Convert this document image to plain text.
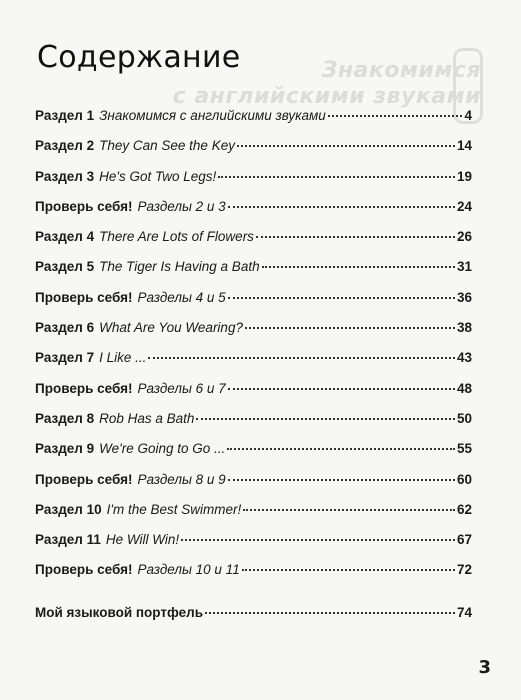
Знакомимся
с английскими звуками
Содержание
Раздел 1 Знакомимся с английскими звуками	4
Раздел 2 They Can See the Key	14
Раздел 3 He's Got Two Legs!	19
Проверь себя! Разделы 2 и 3	24
Раздел 4 There Are Lots of Flowers	26
Раздел 5 The Tiger Is Having a Bath	31
Проверь себя! Разделы 4 и 5	36
Раздел 6 What Are You Wearing?	38
Раздел 7 I Like ...	43
Проверь себя! Разделы 6 и 7	48
Раздел 8 Rob Has a Bath	50
Раздел 9 We're Going to Go ...	55
Проверь себя! Разделы 8 и 9	60
Раздел 10 I'm the Best Swimmer!	62
Раздел 11 He Will Win!	67
Проверь себя! Разделы 10 и 11	72
Мой языковой портфель	74
3
